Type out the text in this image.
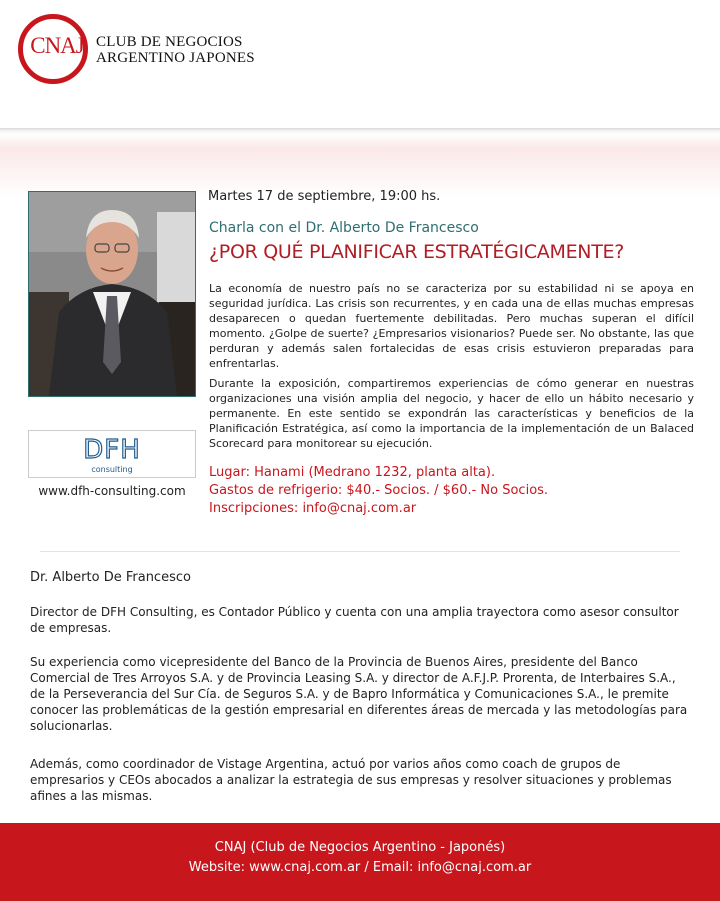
CNAJ CLUB DE NEGOCIOS
ARGENTINO JAPONES
DFH
consulting
www.dfh-consulting.com
Martes 17 de septiembre, 19:00 hs.
Charla con el Dr. Alberto De Francesco
¿POR QUÉ PLANIFICAR ESTRATÉGICAMENTE?
La economía de nuestro país no se caracteriza por su estabilidad ni se apoya en seguridad jurídica. Las crisis son recurrentes, y en cada una de ellas muchas empresas desaparecen o quedan fuertemente debilitadas. Pero muchas superan el difícil momento. ¿Golpe de suerte? ¿Empresarios visionarios? Puede ser. No obstante, las que perduran y además salen fortalecidas de esas crisis estuvieron preparadas para enfrentarlas.
Durante la exposición, compartiremos experiencias de cómo generar en nuestras organizaciones una visión amplia del negocio, y hacer de ello un hábito necesario y permanente. En este sentido se expondrán las características y beneficios de la Planificación Estratégica, así como la importancia de la implementación de un Balaced Scorecard para monitorear su ejecución.
Lugar: Hanami (Medrano 1232, planta alta).
Gastos de refrigerio: $40.- Socios. / $60.- No Socios.
Inscripciones: info@cnaj.com.ar
Dr. Alberto De Francesco
Director de DFH Consulting, es Contador Público y cuenta con una amplia trayectora como asesor consultor de empresas.
Su experiencia como vicepresidente del Banco de la Provincia de Buenos Aires, presidente del Banco Comercial de Tres Arroyos S.A. y de Provincia Leasing S.A. y director de A.F.J.P. Prorenta, de Interbaires S.A., de la Perseverancia del Sur Cía. de Seguros S.A. y de Bapro Informática y Comunicaciones S.A., le premite conocer las problemáticas de la gestión empresarial en diferentes áreas de mercada y las metodologías para solucionarlas.
Además, como coordinador de Vistage Argentina, actuó por varios años como coach de grupos de empresarios y CEOs abocados a analizar la estrategia de sus empresas y resolver situaciones y problemas afines a las mismas.
CNAJ (Club de Negocios Argentino - Japonés)
Website: www.cnaj.com.ar / Email: info@cnaj.com.ar
